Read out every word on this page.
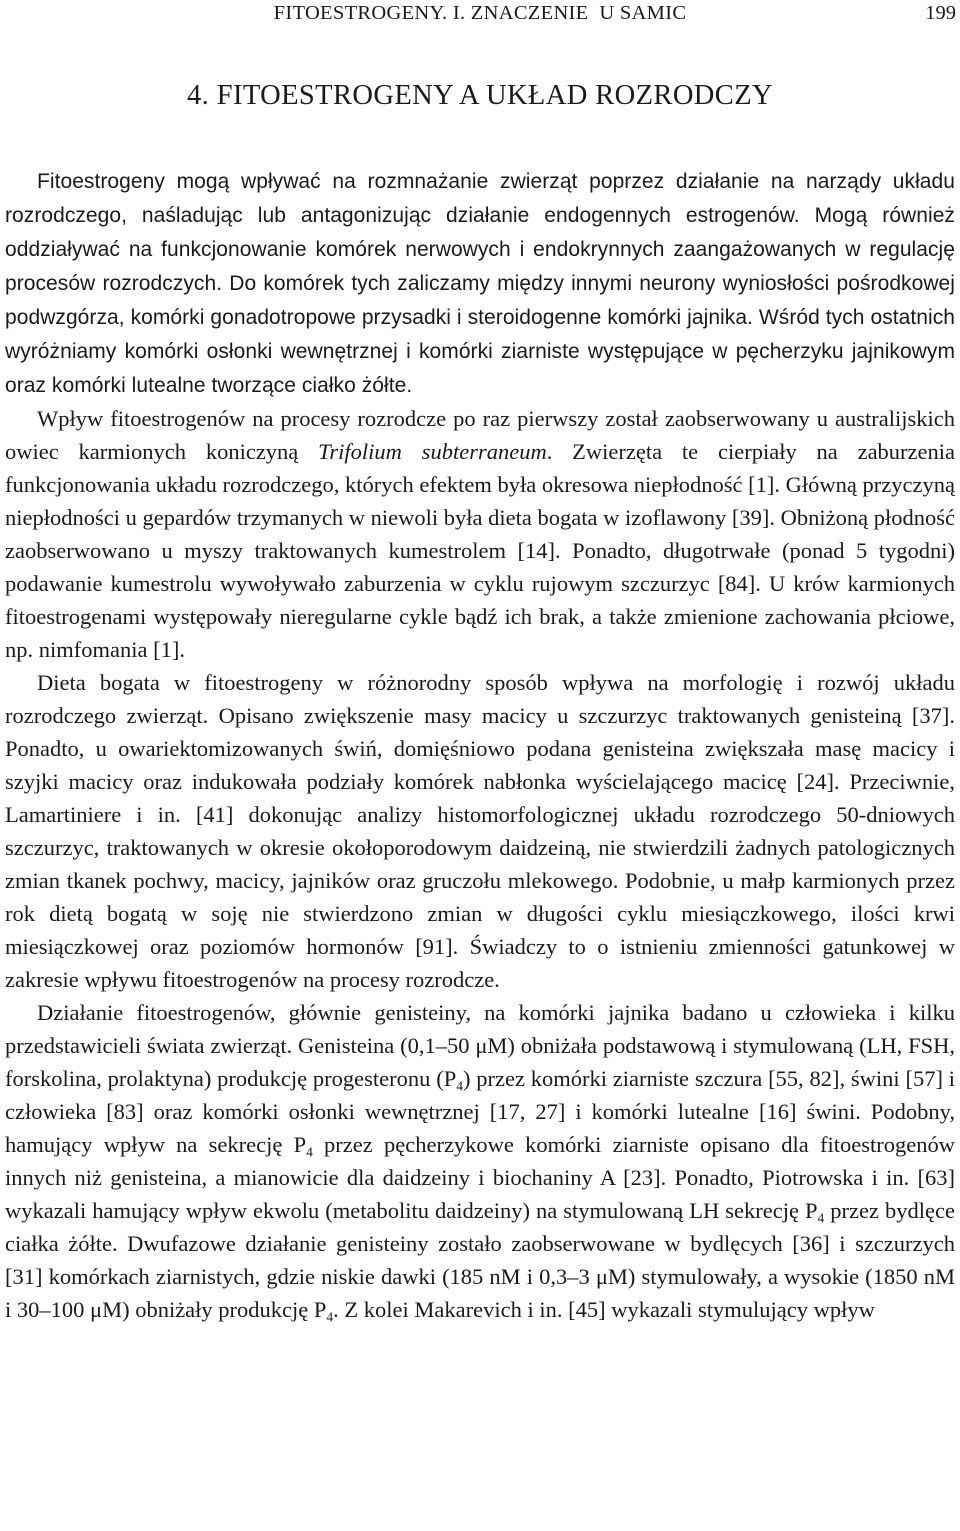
FITOESTROGENY. I. ZNACZENIE  U SAMIC	199
4. FITOESTROGENY A UKŁAD ROZRODCZY

Fitoestrogeny mogą wpływać na rozmnażanie zwierząt poprzez działanie na narządy układu rozrodczego, naśladując lub antagonizując działanie endogennych estrogenów. Mogą również oddziaływać na funkcjonowanie komórek nerwowych i endokrynnych zaangażowanych w regulację procesów rozrodczych. Do komórek tych zaliczamy między innymi neurony wyniosłości pośrodkowej podwzgórza, komórki gonadotropowe przysadki i steroidogenne komórki jajnika. Wśród tych ostatnich wyróżniamy komórki osłonki wewnętrznej i komórki ziarniste występujące w pęcherzyku jajnikowym oraz komórki lutealne tworzące ciałko żółte.

Wpływ fitoestrogenów na procesy rozrodcze po raz pierwszy został zaobserwowany u australijskich owiec karmionych koniczyną Trifolium subterraneum. Zwierzęta te cierpiały na zaburzenia funkcjonowania układu rozrodczego, których efektem była okresowa niepłodność [1]. Główną przyczyną niepłodności u gepardów trzymanych w niewoli była dieta bogata w izoflawony [39]. Obniżoną płodność zaobserwowano u myszy traktowanych kumestrolem [14]. Ponadto, długotrwałe (ponad 5 tygodni) podawanie kumestrolu wywoływało zaburzenia w cyklu rujowym szczurzyc [84]. U krów karmionych fitoestrogenami występowały nieregularne cykle bądź ich brak, a także zmienione zachowania płciowe, np. nimfomania [1].

Dieta bogata w fitoestrogeny w różnorodny sposób wpływa na morfologię i rozwój układu rozrodczego zwierząt. Opisano zwiększenie masy macicy u szczurzyc traktowanych genisteiną [37]. Ponadto, u owariektomizowanych świń, domięśniowo podana genisteina zwiększała masę macicy i szyjki macicy oraz indukowała podziały komórek nabłonka wyścielającego macicę [24]. Przeciwnie, Lamartiniere i in. [41] dokonując analizy histomorfologicznej układu rozrodczego 50-dniowych szczurzyc, traktowanych w okresie okołoporodowym daidzeiną, nie stwierdzili żadnych patologicznych zmian tkanek pochwy, macicy, jajników oraz gruczołu mlekowego. Podobnie, u małp karmionych przez rok dietą bogatą w soję nie stwierdzono zmian w długości cyklu miesiączkowego, ilości krwi miesiączkowej oraz poziomów hormonów [91]. Świadczy to o istnieniu zmienności gatunkowej w zakresie wpływu fitoestrogenów na procesy rozrodcze.

Działanie fitoestrogenów, głównie genisteiny, na komórki jajnika badano u człowieka i kilku przedstawicieli świata zwierząt. Genisteina (0,1–50 μM) obniżała podstawową i stymulowaną (LH, FSH, forskolina, prolaktyna) produkcję progesteronu $(P_4)$ przez komórki ziarniste szczura [55, 82], świni [57] i człowieka [83] oraz komórki osłonki wewnętrznej [17, 27] i komórki lutealne [16] świni. Podobny, hamujący wpływ na sekrecję $P_4$ przez pęcherzykowe komórki ziarniste opisano dla fitoestrogenów innych niż genisteina, a mianowicie dla daidzeiny i biochaniny A [23]. Ponadto, Piotrowska i in. [63] wykazali hamujący wpływ ekwolu (metabolitu daidzeiny) na stymulowaną LH sekrecję $P_4$ przez bydlęce ciałka żółte. Dwufazowe działanie genisteiny zostało zaobserwowane w bydlęcych [36] i szczurzych [31] komórkach ziarnistych, gdzie niskie dawki (185 nM i 0,3–3 μM) stymulowały, a wysokie (1850 nM i 30–100 μM) obniżały produkcję $P_4$. Z kolei Makarevich i in. [45] wykazali stymulujący wpływ
